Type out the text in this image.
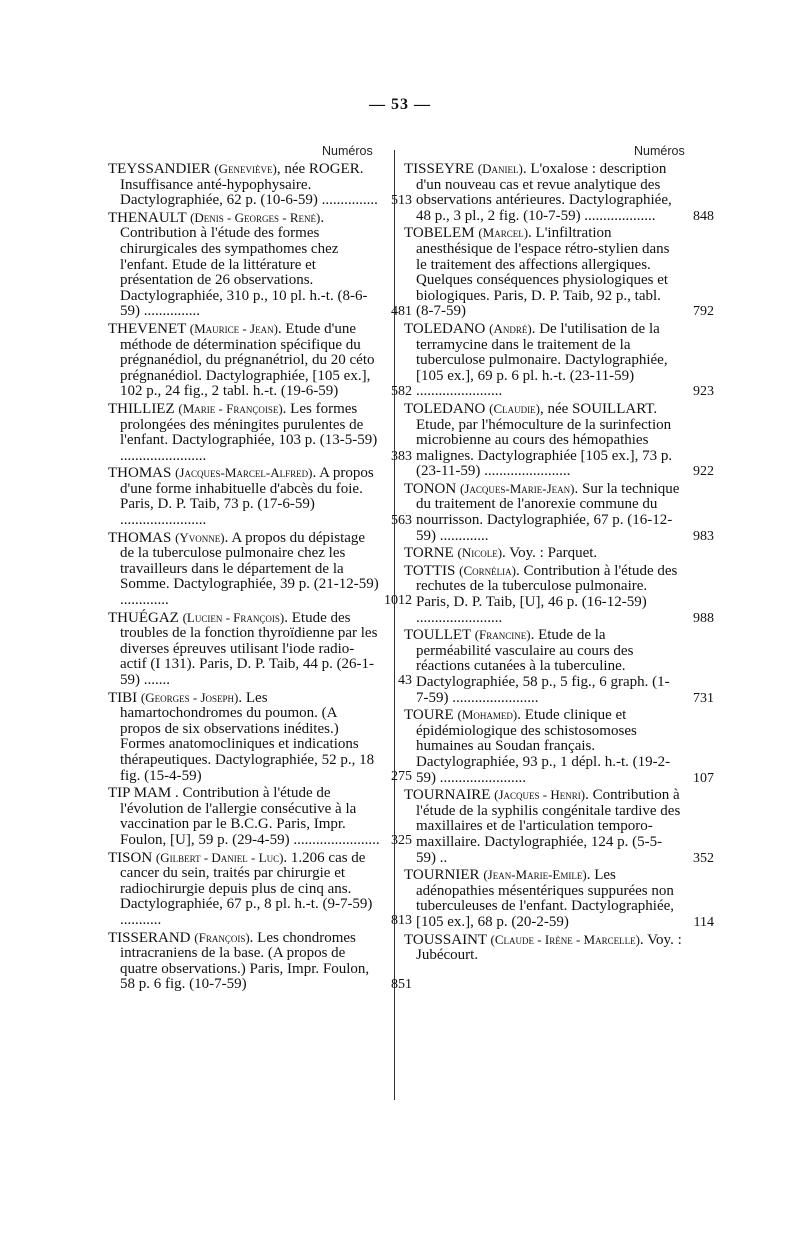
— 53 —
Numéros	Numéros
TEYSSANDIER (Geneviève), née ROGER. Insuffisance anté-hypophysaire. Dactylographiée, 62 p. (10-6-59) ............... 513
THENAULT (Denis - Georges - René). Contribution à l'étude des formes chirurgicales des sympathomes chez l'enfant. Etude de la littérature et présentation de 26 observations. Dactylographiée, 310 p., 10 pl. h.-t. (8-6-59) ...............	481
THEVENET (Maurice - Jean). Etude d'une méthode de détermination spécifique du prégnanédiol, du prégnanétriol, du 20 céto prégnanédiol. Dactylographiée, [105 ex.], 102 p., 24 fig., 2 tabl. h.-t. (19-6-59)	582
THILLIEZ (Marie - Françoise). Les formes prolongées des méningites purulentes de l'enfant. Dactylographiée, 103 p. (13-5-59) .......................	383
THOMAS (Jacques-Marcel-Alfred). A propos d'une forme inhabituelle d'abcès du foie. Paris, D. P. Taib, 73 p. (17-6-59) .......................	563
THOMAS (Yvonne). A propos du dépistage de la tuberculose pulmonaire chez les travailleurs dans le département de la Somme. Dactylographiée, 39 p. (21-12-59) .............	1012
THUÉGAZ (Lucien - François). Etude des troubles de la fonction thyroïdienne par les diverses épreuves utilisant l'iode radio-actif (I 131). Paris, D. P. Taib, 44 p. (26-1-59) .......	43
TIBI (Georges - Joseph). Les hamartochondromes du poumon. (A propos de six observations inédites.) Formes anatomocliniques et indications thérapeutiques. Dactylographiée, 52 p., 18 fig. (15-4-59)	275
TIP MAM . Contribution à l'étude de l'évolution de l'allergie consécutive à la vaccination par le B.C.G. Paris, Impr. Foulon, [U], 59 p. (29-4-59) ....................... 325
TISON (Gilbert - Daniel - Luc). 1.206 cas de cancer du sein, traités par chirurgie et radiochirurgie depuis plus de cinq ans. Dactylographiée, 67 p., 8 pl. h.-t. (9-7-59) ...........	813
TISSERAND (François). Les chondromes intracraniens de la base. (A propos de quatre observations.) Paris, Impr. Foulon, 58 p. 6 fig. (10-7-59)	851
TISSEYRE (Daniel). L'oxalose : description d'un nouveau cas et revue analytique des observations antérieures. Dactylographiée, 48 p., 3 pl., 2 fig. (10-7-59) ...................	848
TOBELEM (Marcel). L'infiltration anesthésique de l'espace rétro-stylien dans le traitement des affections allergiques. Quelques conséquences physiologiques et biologiques. Paris, D. P. Taib, 92 p., tabl. (8-7-59)	792
TOLEDANO (André). De l'utilisation de la terramycine dans le traitement de la tuberculose pulmonaire. Dactylographiée, [105 ex.], 69 p. 6 pl. h.-t. (23-11-59) .......................	923
TOLEDANO (Claudie), née SOUILLART. Etude, par l'hémoculture de la surinfection microbienne au cours des hémopathies malignes. Dactylographiée [105 ex.], 73 p. (23-11-59) .......................	922
TONON (Jacques-Marie-Jean). Sur la technique du traitement de l'anorexie commune du nourrisson. Dactylographiée, 67 p. (16-12-59) .............	983
TORNE (Nicole). Voy. : Parquet.
TOTTIS (Cornélia). Contribution à l'étude des rechutes de la tuberculose pulmonaire. Paris, D. P. Taib, [U], 46 p. (16-12-59) .......................	988
TOULLET (Francine). Etude de la perméabilité vasculaire au cours des réactions cutanées à la tuberculine. Dactylographiée, 58 p., 5 fig., 6 graph. (1-7-59) .......................	731
TOURE (Mohamed). Etude clinique et épidémiologique des schistosomoses humaines au Soudan français. Dactylographiée, 93 p., 1 dépl. h.-t. (19-2-59) .......................	107
TOURNAIRE (Jacques - Henri). Contribution à l'étude de la syphilis congénitale tardive des maxillaires et de l'articulation temporo-maxillaire. Dactylographiée, 124 p. (5-5-59) ..	352
TOURNIER (Jean-Marie-Emile). Les adénopathies mésentériques suppurées non tuberculeuses de l'enfant. Dactylographiée, [105 ex.], 68 p. (20-2-59)	114
TOUSSAINT (Claude - Irène - Marcelle). Voy. : Jubécourt.
